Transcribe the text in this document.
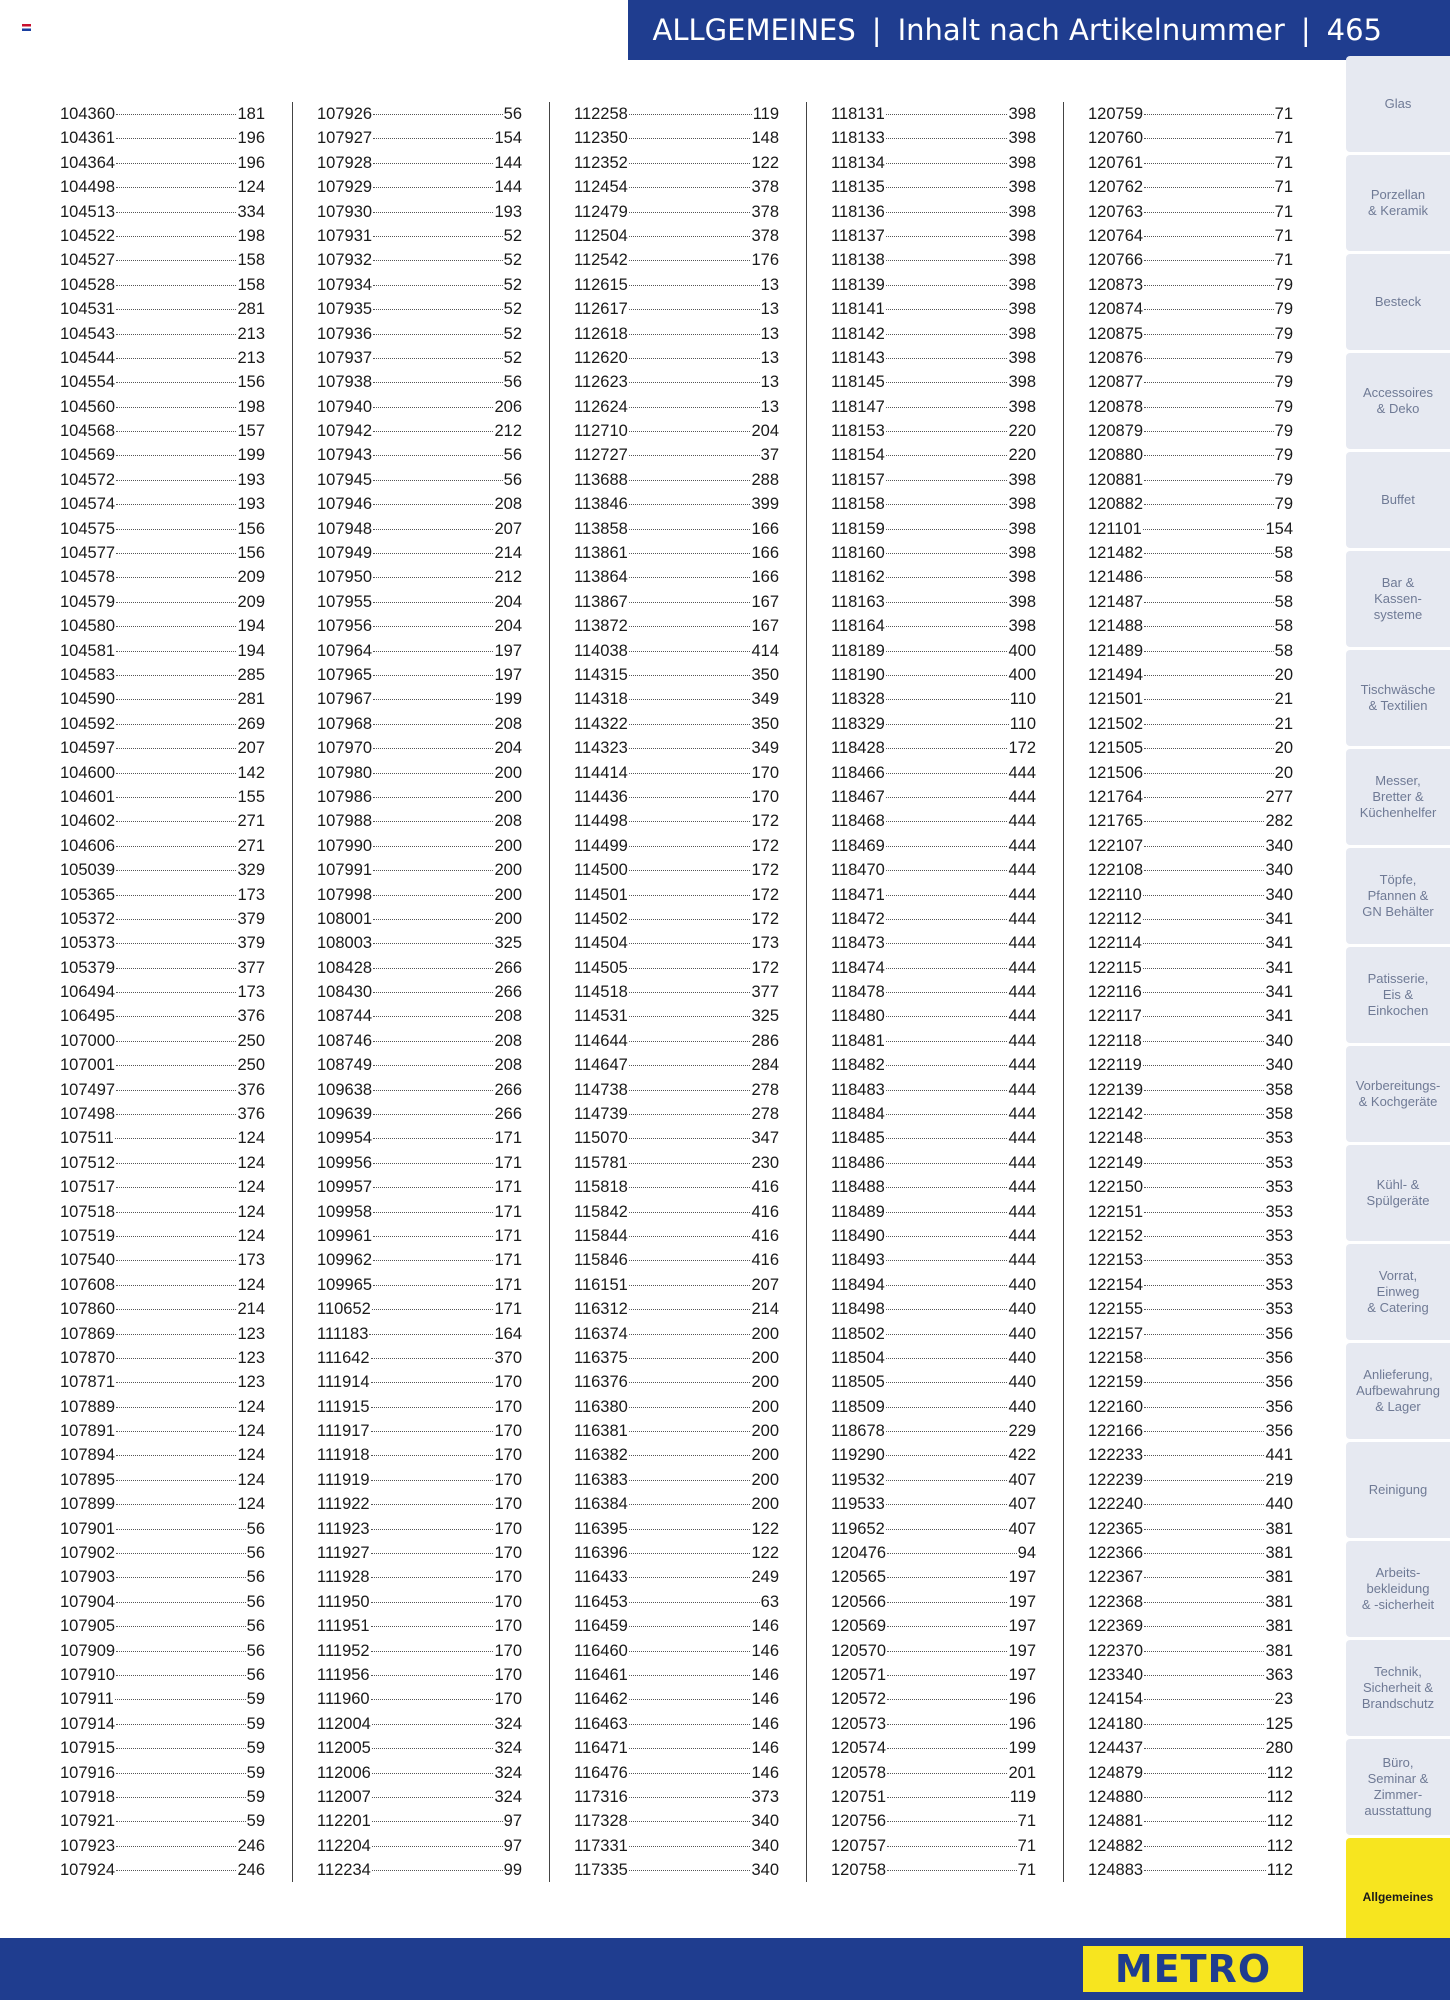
ALLGEMEINES | Inhalt nach Artikelnummer | 465
104360	181
104361	196
104364	196
104498	124
104513	334
104522	198
104527	158
104528	158
104531	281
104543	213
104544	213
104554	156
104560	198
104568	157
104569	199
104572	193
104574	193
104575	156
104577	156
104578	209
104579	209
104580	194
104581	194
104583	285
104590	281
104592	269
104597	207
104600	142
104601	155
104602	271
104606	271
105039	329
105365	173
105372	379
105373	379
105379	377
106494	173
106495	376
107000	250
107001	250
107497	376
107498	376
107511	124
107512	124
107517	124
107518	124
107519	124
107540	173
107608	124
107860	214
107869	123
107870	123
107871	123
107889	124
107891	124
107894	124
107895	124
107899	124
107901	56
107902	56
107903	56
107904	56
107905	56
107909	56
107910	56
107911	59
107914	59
107915	59
107916	59
107918	59
107921	59
107923	246
107924	246
107926	56
107927	154
107928	144
107929	144
107930	193
107931	52
107932	52
107934	52
107935	52
107936	52
107937	52
107938	56
107940	206
107942	212
107943	56
107945	56
107946	208
107948	207
107949	214
107950	212
107955	204
107956	204
107964	197
107965	197
107967	199
107968	208
107970	204
107980	200
107986	200
107988	208
107990	200
107991	200
107998	200
108001	200
108003	325
108428	266
108430	266
108744	208
108746	208
108749	208
109638	266
109639	266
109954	171
109956	171
109957	171
109958	171
109961	171
109962	171
109965	171
110652	171
111183	164
111642	370
111914	170
111915	170
111917	170
111918	170
111919	170
111922	170
111923	170
111927	170
111928	170
111950	170
111951	170
111952	170
111956	170
111960	170
112004	324
112005	324
112006	324
112007	324
112201	97
112204	97
112234	99
112258	119
112350	148
112352	122
112454	378
112479	378
112504	378
112542	176
112615	13
112617	13
112618	13
112620	13
112623	13
112624	13
112710	204
112727	37
113688	288
113846	399
113858	166
113861	166
113864	166
113867	167
113872	167
114038	414
114315	350
114318	349
114322	350
114323	349
114414	170
114436	170
114498	172
114499	172
114500	172
114501	172
114502	172
114504	173
114505	172
114518	377
114531	325
114644	286
114647	284
114738	278
114739	278
115070	347
115781	230
115818	416
115842	416
115844	416
115846	416
116151	207
116312	214
116374	200
116375	200
116376	200
116380	200
116381	200
116382	200
116383	200
116384	200
116395	122
116396	122
116433	249
116453	63
116459	146
116460	146
116461	146
116462	146
116463	146
116471	146
116476	146
117316	373
117328	340
117331	340
117335	340
118131	398
118133	398
118134	398
118135	398
118136	398
118137	398
118138	398
118139	398
118141	398
118142	398
118143	398
118145	398
118147	398
118153	220
118154	220
118157	398
118158	398
118159	398
118160	398
118162	398
118163	398
118164	398
118189	400
118190	400
118328	110
118329	110
118428	172
118466	444
118467	444
118468	444
118469	444
118470	444
118471	444
118472	444
118473	444
118474	444
118478	444
118480	444
118481	444
118482	444
118483	444
118484	444
118485	444
118486	444
118488	444
118489	444
118490	444
118493	444
118494	440
118498	440
118502	440
118504	440
118505	440
118509	440
118678	229
119290	422
119532	407
119533	407
119652	407
120476	94
120565	197
120566	197
120569	197
120570	197
120571	197
120572	196
120573	196
120574	199
120578	201
120751	119
120756	71
120757	71
120758	71
120759	71
120760	71
120761	71
120762	71
120763	71
120764	71
120766	71
120873	79
120874	79
120875	79
120876	79
120877	79
120878	79
120879	79
120880	79
120881	79
120882	79
121101	154
121482	58
121486	58
121487	58
121488	58
121489	58
121494	20
121501	21
121502	21
121505	20
121506	20
121764	277
121765	282
122107	340
122108	340
122110	340
122112	341
122114	341
122115	341
122116	341
122117	341
122118	340
122119	340
122139	358
122142	358
122148	353
122149	353
122150	353
122151	353
122152	353
122153	353
122154	353
122155	353
122157	356
122158	356
122159	356
122160	356
122166	356
122233	441
122239	219
122240	440
122365	381
122366	381
122367	381
122368	381
122369	381
122370	381
123340	363
124154	23
124180	125
124437	280
124879	112
124880	112
124881	112
124882	112
124883	112
Glas
Porzellan
& Keramik
Besteck
Accessoires
& Deko
Buffet
Bar &
Kassen-
systeme
Tischwäsche
& Textilien
Messer,
Bretter &
Küchenhelfer
Töpfe,
Pfannen &
GN Behälter
Patisserie,
Eis &
Einkochen
Vorbereitungs-
& Kochgeräte
Kühl- &
Spülgeräte
Vorrat,
Einweg
& Catering
Anlieferung,
Aufbewahrung
& Lager
Reinigung
Arbeits-
bekleidung
& -sicherheit
Technik,
Sicherheit &
Brandschutz
Büro,
Seminar &
Zimmer-
ausstattung
Allgemeines
METRO
